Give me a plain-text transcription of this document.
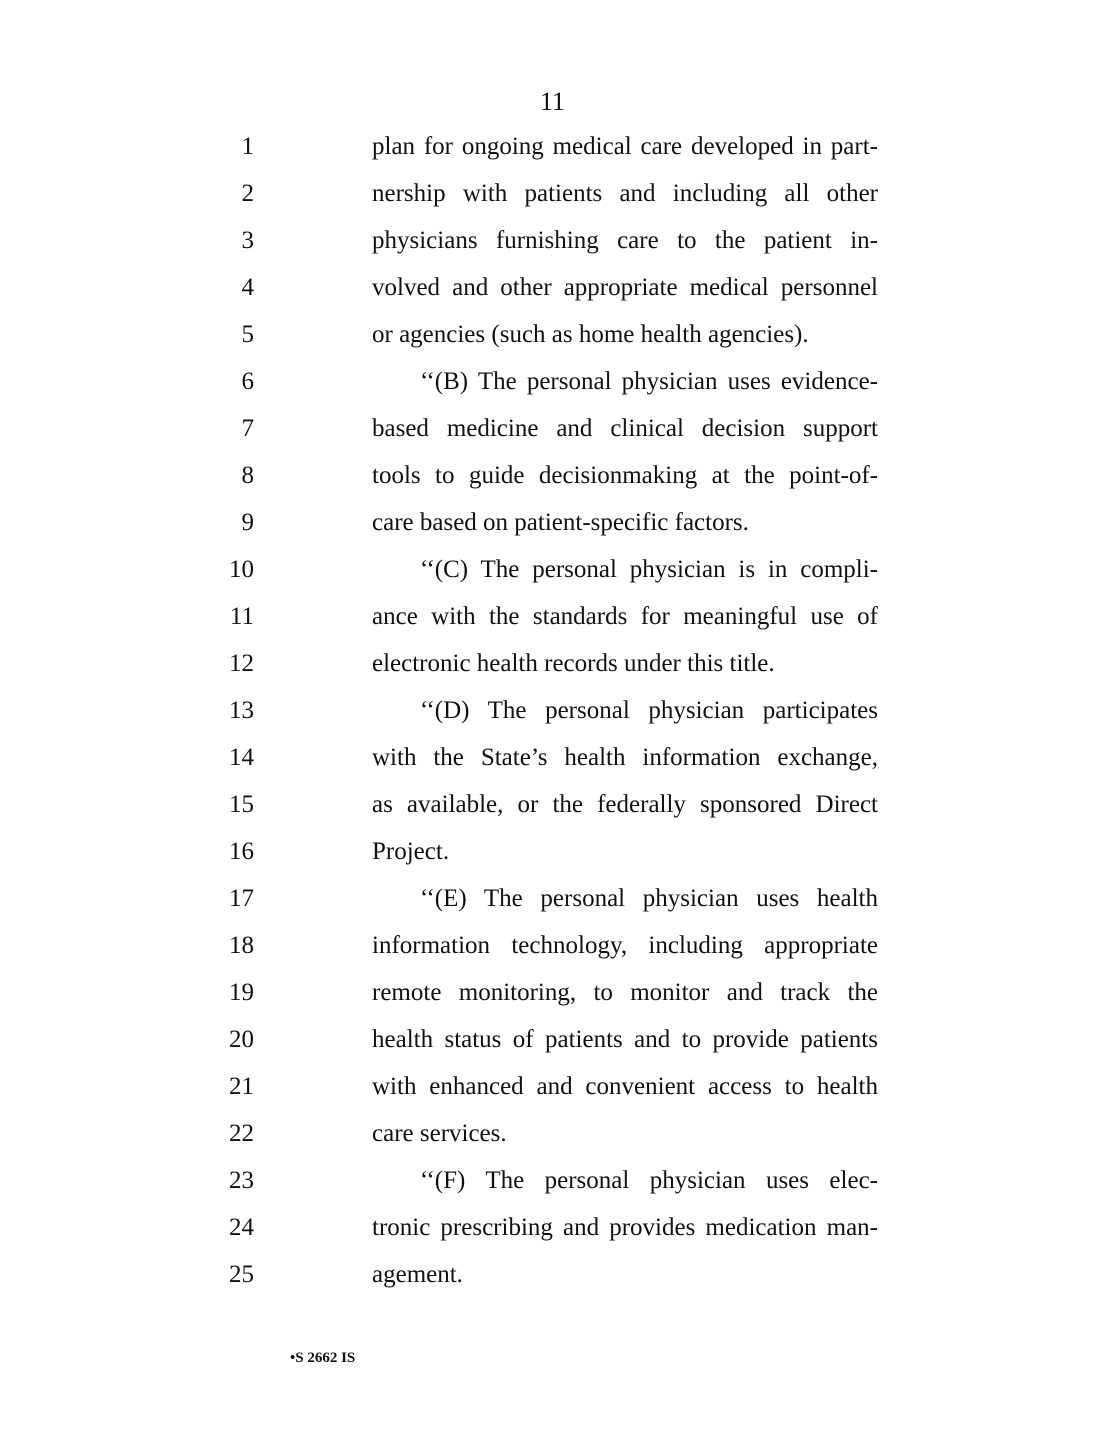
11
1	plan for ongoing medical care developed in part-
2	nership with patients and including all other
3	physicians furnishing care to the patient in-
4	volved and other appropriate medical personnel
5	or agencies (such as home health agencies).
6	‘‘(B) The personal physician uses evidence-
7	based medicine and clinical decision support
8	tools to guide decisionmaking at the point-of-
9	care based on patient-specific factors.
10	‘‘(C) The personal physician is in compli-
11	ance with the standards for meaningful use of
12	electronic health records under this title.
13	‘‘(D) The personal physician participates
14	with the State’s health information exchange,
15	as available, or the federally sponsored Direct
16	Project.
17	‘‘(E) The personal physician uses health
18	information technology, including appropriate
19	remote monitoring, to monitor and track the
20	health status of patients and to provide patients
21	with enhanced and convenient access to health
22	care services.
23	‘‘(F) The personal physician uses elec-
24	tronic prescribing and provides medication man-
25	agement.
•S 2662 IS
